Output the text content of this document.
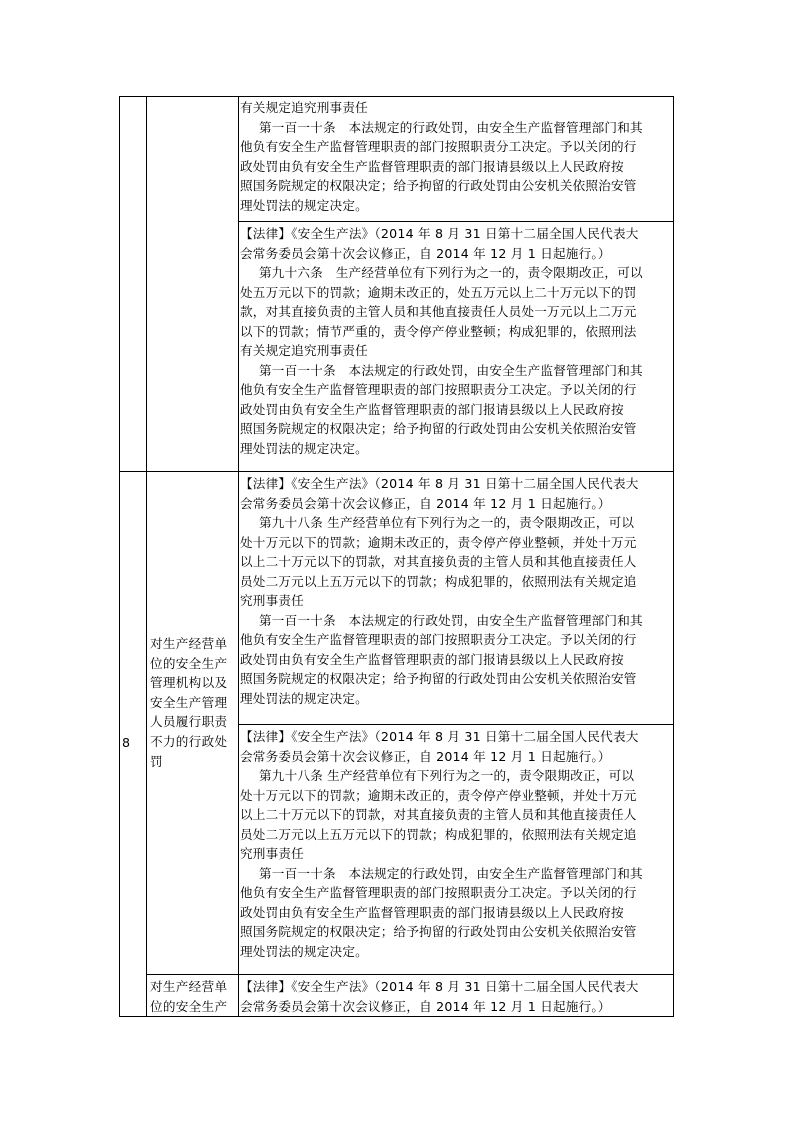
有关规定追究刑事责任
第一百一十条　本法规定的行政处罚，由安全生产监督管理部门和其
他负有安全生产监督管理职责的部门按照职责分工决定。予以关闭的行
政处罚由负有安全生产监督管理职责的部门报请县级以上人民政府按
照国务院规定的权限决定；给予拘留的行政处罚由公安机关依照治安管
理处罚法的规定决定。
【法律】《安全生产法》（2014 年 8 月 31 日第十二届全国人民代表大
会常务委员会第十次会议修正，自 2014 年 12 月 1 日起施行。）
第九十六条　生产经营单位有下列行为之一的，责令限期改正，可以
处五万元以下的罚款；逾期未改正的，处五万元以上二十万元以下的罚
款，对其直接负责的主管人员和其他直接责任人员处一万元以上二万元
以下的罚款；情节严重的，责令停产停业整顿；构成犯罪的，依照刑法
有关规定追究刑事责任
第一百一十条　本法规定的行政处罚，由安全生产监督管理部门和其
他负有安全生产监督管理职责的部门按照职责分工决定。予以关闭的行
政处罚由负有安全生产监督管理职责的部门报请县级以上人民政府按
照国务院规定的权限决定；给予拘留的行政处罚由公安机关依照治安管
理处罚法的规定决定。
【法律】《安全生产法》（2014 年 8 月 31 日第十二届全国人民代表大
会常务委员会第十次会议修正，自 2014 年 12 月 1 日起施行。）
第九十八条 生产经营单位有下列行为之一的，责令限期改正，可以
处十万元以下的罚款；逾期未改正的，责令停产停业整顿，并处十万元
以上二十万元以下的罚款，对其直接负责的主管人员和其他直接责任人
员处二万元以上五万元以下的罚款；构成犯罪的，依照刑法有关规定追
究刑事责任
第一百一十条　本法规定的行政处罚，由安全生产监督管理部门和其
他负有安全生产监督管理职责的部门按照职责分工决定。予以关闭的行
政处罚由负有安全生产监督管理职责的部门报请县级以上人民政府按
照国务院规定的权限决定；给予拘留的行政处罚由公安机关依照治安管
理处罚法的规定决定。
【法律】《安全生产法》（2014 年 8 月 31 日第十二届全国人民代表大
会常务委员会第十次会议修正，自 2014 年 12 月 1 日起施行。）
第九十八条 生产经营单位有下列行为之一的，责令限期改正，可以
处十万元以下的罚款；逾期未改正的，责令停产停业整顿，并处十万元
以上二十万元以下的罚款，对其直接负责的主管人员和其他直接责任人
员处二万元以上五万元以下的罚款；构成犯罪的，依照刑法有关规定追
究刑事责任
第一百一十条　本法规定的行政处罚，由安全生产监督管理部门和其
他负有安全生产监督管理职责的部门按照职责分工决定。予以关闭的行
政处罚由负有安全生产监督管理职责的部门报请县级以上人民政府按
照国务院规定的权限决定；给予拘留的行政处罚由公安机关依照治安管
理处罚法的规定决定。
【法律】《安全生产法》（2014 年 8 月 31 日第十二届全国人民代表大
会常务委员会第十次会议修正，自 2014 年 12 月 1 日起施行。）
8
对生产经营单
位的安全生产
管理机构以及
安全生产管理
人员履行职责
不力的行政处
罚
对生产经营单
位的安全生产
